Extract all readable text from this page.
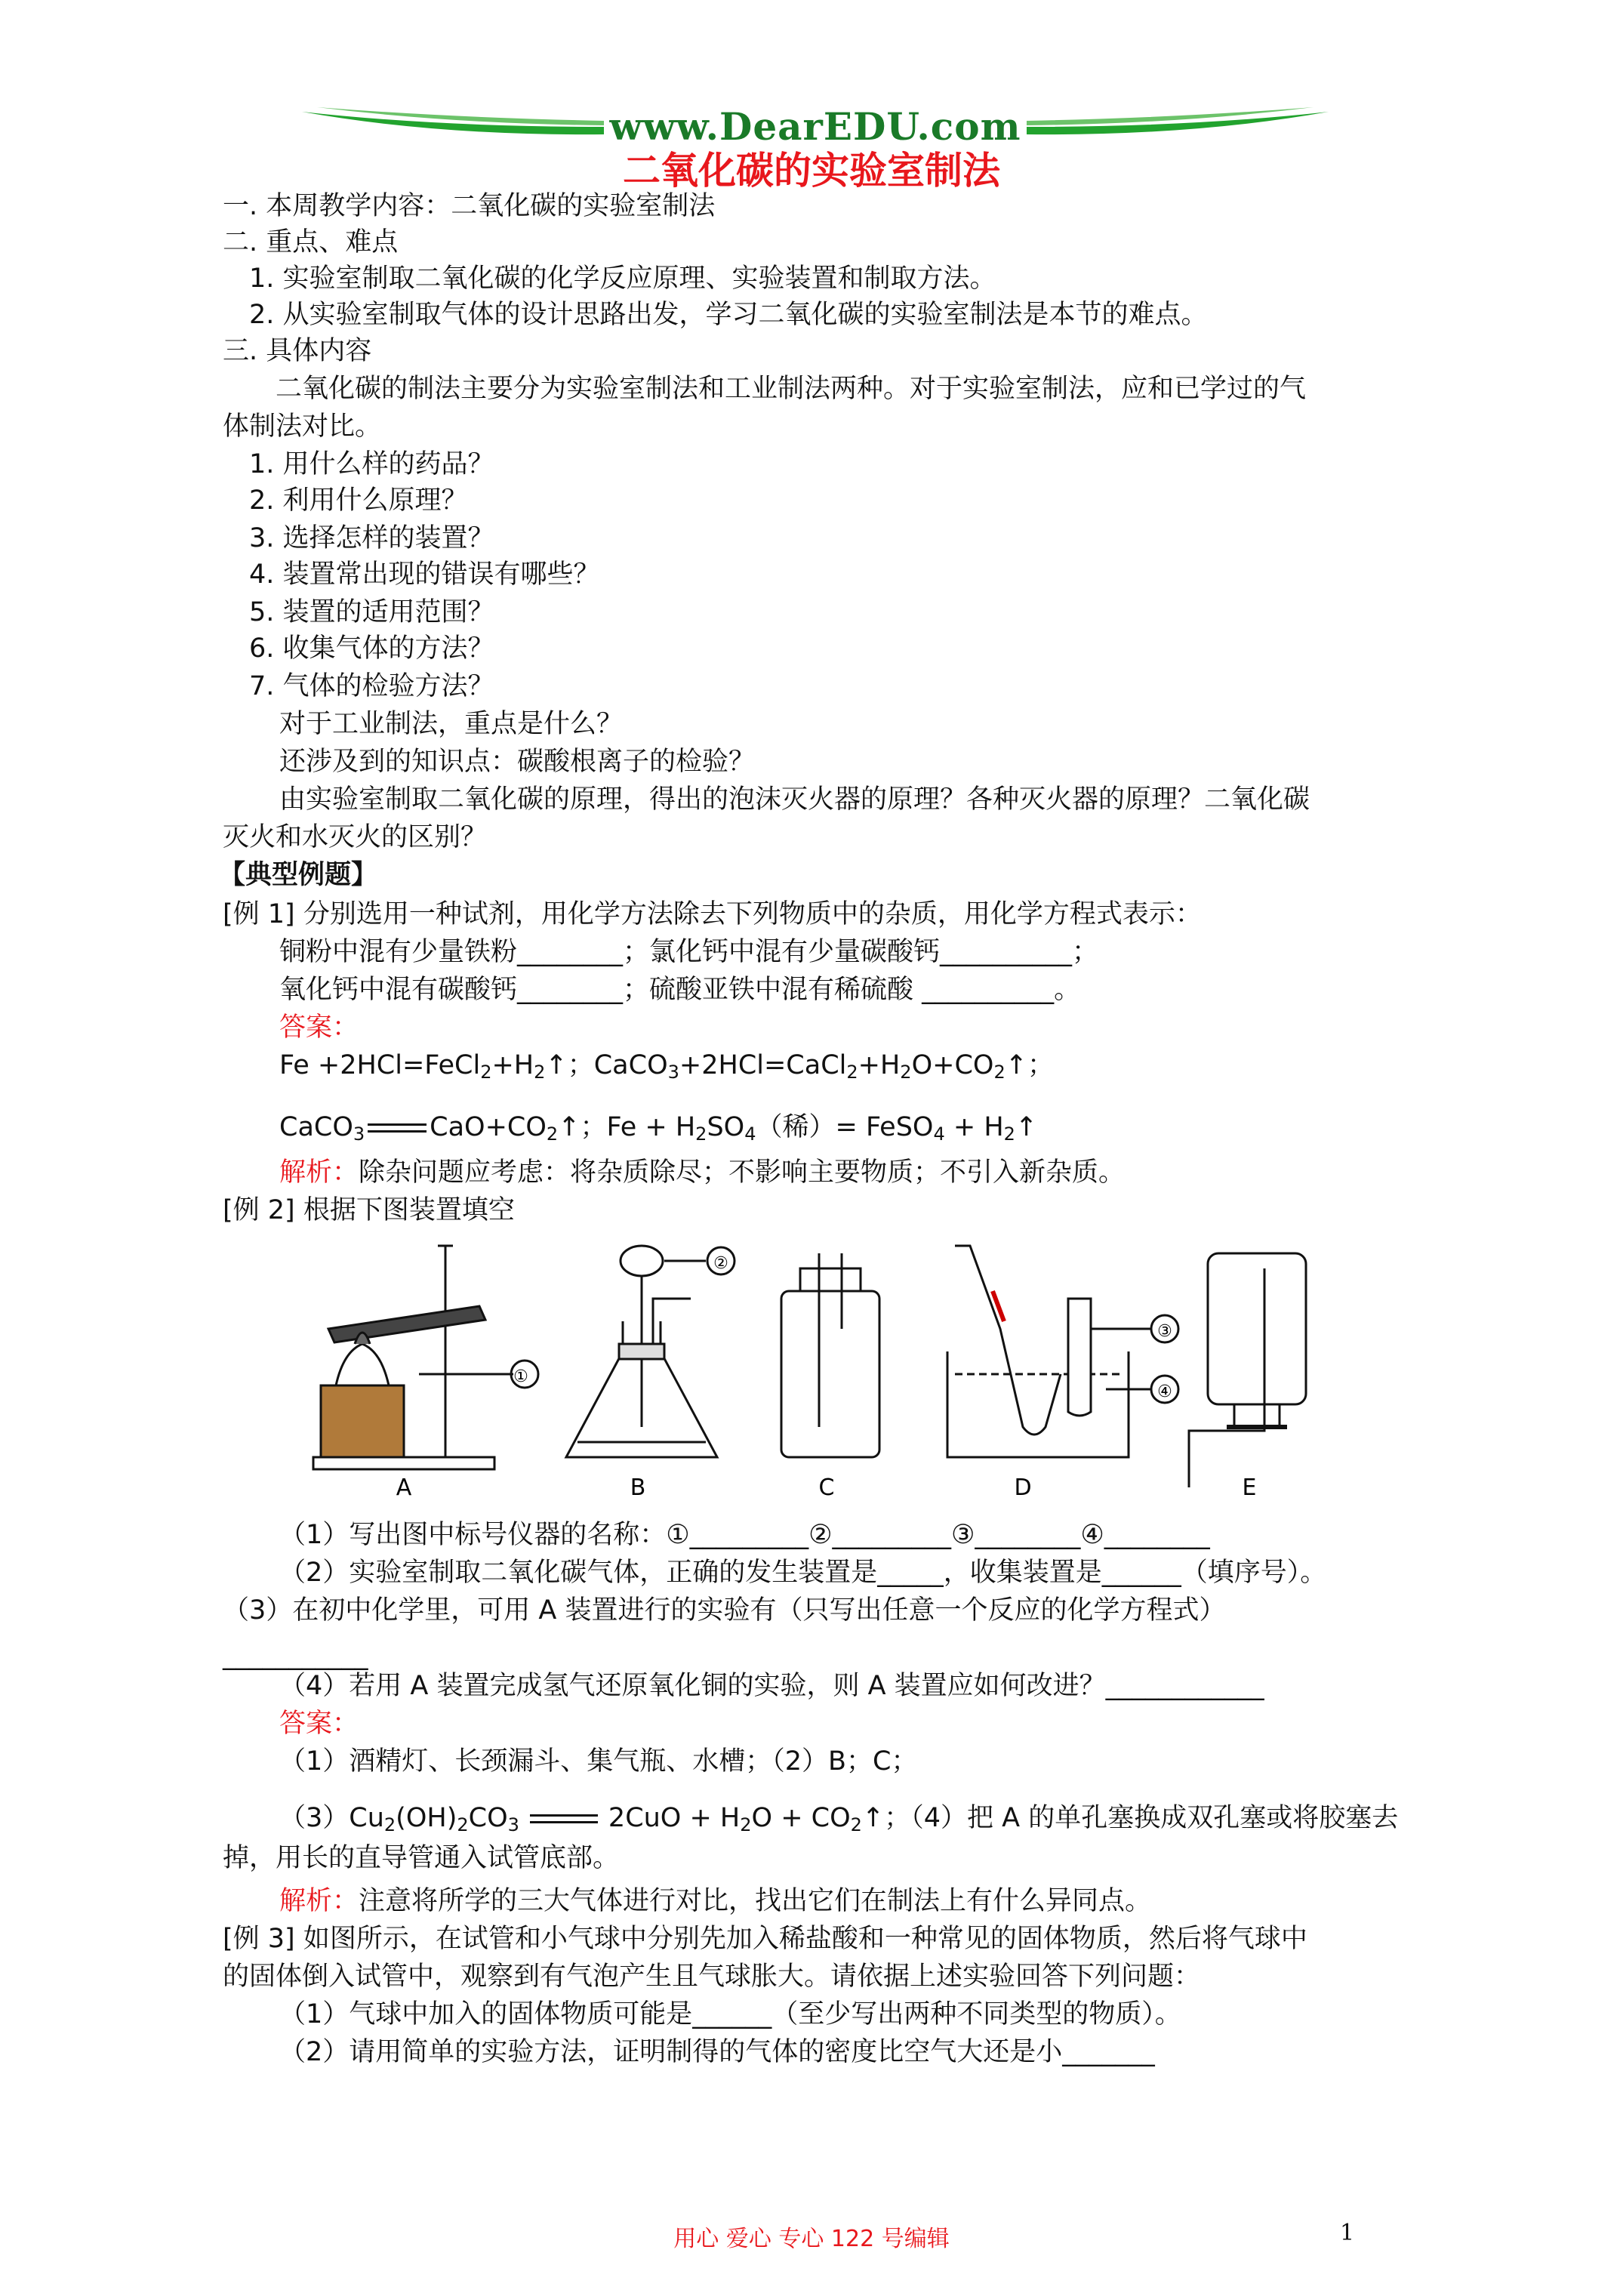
www.DearEDU.com
二氧化碳的实验室制法
一. 本周教学内容：二氧化碳的实验室制法
二. 重点、难点
1. 实验室制取二氧化碳的化学反应原理、实验装置和制取方法。
2. 从实验室制取气体的设计思路出发，学习二氧化碳的实验室制法是本节的难点。
三. 具体内容
二氧化碳的制法主要分为实验室制法和工业制法两种。对于实验室制法，应和已学过的气
体制法对比。
1. 用什么样的药品？
2. 利用什么原理？
3. 选择怎样的装置？
4. 装置常出现的错误有哪些？
5. 装置的适用范围？
6. 收集气体的方法？
7. 气体的检验方法？
对于工业制法，重点是什么？
还涉及到的知识点：碳酸根离子的检验？
由实验室制取二氧化碳的原理，得出的泡沫灭火器的原理？各种灭火器的原理？二氧化碳
灭火和水灭火的区别？
【典型例题】
[例 1] 分别选用一种试剂，用化学方法除去下列物质中的杂质，用化学方程式表示：
铜粉中混有少量铁粉________；氯化钙中混有少量碳酸钙__________；
氧化钙中混有碳酸钙________；硫酸亚铁中混有稀硫酸 __________。
答案：
$Fe +2HCl=FeCl_2+H_2↑$；$CaCO_3+2HCl=CaCl_2+H_2O+CO_2↑$；
CaCO$_3$ $CaO+CO_2↑$；$Fe + H_2SO_4$（稀）= FeSO$_4$ + $H_2↑$
解析：除杂问题应考虑：将杂质除尽；不影响主要物质；不引入新杂质。
[例 2] 根据下图装置填空
①
A
②
B	C
③
④
D	E
（1）写出图中标号仪器的名称：①_________②_________③________④________
（2）实验室制取二氧化碳气体，正确的发生装置是_____，收集装置是______（填序号）。
（3）在初中化学里，可用 A 装置进行的实验有（只写出任意一个反应的化学方程式）
___________
（4）若用 A 装置完成氢气还原氧化铜的实验，则 A 装置应如何改进？____________
答案：
（1）酒精灯、长颈漏斗、集气瓶、水槽；（2）B；C；
$(3)Cu_2(OH)_2CO_3$	$2CuO + H_2O$ + $CO_2↑$；（4）把 A 的单孔塞换成双孔塞或将胶塞去
掉，用长的直导管通入试管底部。
解析：注意将所学的三大气体进行对比，找出它们在制法上有什么异同点。
[例 3] 如图所示，在试管和小气球中分别先加入稀盐酸和一种常见的固体物质，然后将气球中
的固体倒入试管中，观察到有气泡产生且气球胀大。请依据上述实验回答下列问题：
（1）气球中加入的固体物质可能是______（至少写出两种不同类型的物质）。
（2）请用简单的实验方法，证明制得的气体的密度比空气大还是小_______
用心 爱心 专心 122 号编辑	1
